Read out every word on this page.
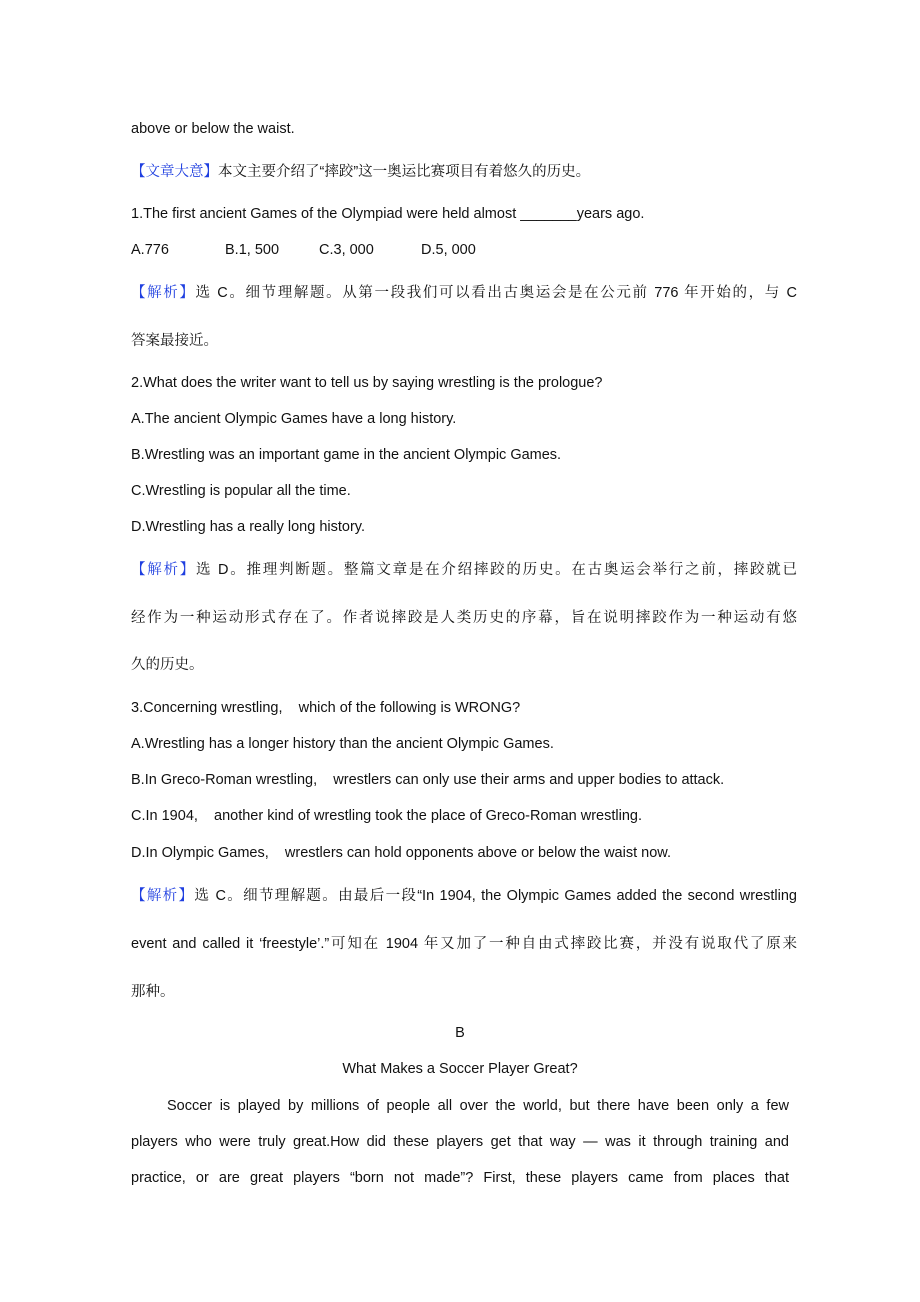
above or below the waist.
【文章大意】本文主要介绍了“摔跤”这一奥运比赛项目有着悠久的历史。
1.The first ancient Games of the Olympiad were held almost _______years ago.
A.776	B.1, 500	C.3, 000	D.5, 000
【解析】选 C。细节理解题。从第一段我们可以看出古奥运会是在公元前 776 年开始的，与 C
答案最接近。
2.What does the writer want to tell us by saying wrestling is the prologue?
A.The ancient Olympic Games have a long history.
B.Wrestling was an important game in the ancient Olympic Games.
C.Wrestling is popular all the time.
D.Wrestling has a really long history.
【解析】选 D。推理判断题。整篇文章是在介绍摔跤的历史。在古奥运会举行之前，摔跤就已
经作为一种运动形式存在了。作者说摔跤是人类历史的序幕，旨在说明摔跤作为一种运动有悠
久的历史。
3.Concerning wrestling,    which of the following is WRONG?
A.Wrestling has a longer history than the ancient Olympic Games.
B.In Greco-Roman wrestling,    wrestlers can only use their arms and upper bodies to attack.
C.In 1904,    another kind of wrestling took the place of Greco-Roman wrestling.
D.In Olympic Games,    wrestlers can hold opponents above or below the waist now.
【解析】选 C。细节理解题。由最后一段“In 1904, the Olympic Games added the second wrestling
event and called it ‘freestyle’.”可知在 1904 年又加了一种自由式摔跤比赛，并没有说取代了原来
那种。
B
What Makes a Soccer Player Great?
Soccer is played by millions of people all over the world, but there have been only a few
players who were truly great.How did these players get that way — was it through training and
practice, or are great players “born not made”? First, these players came from places that
